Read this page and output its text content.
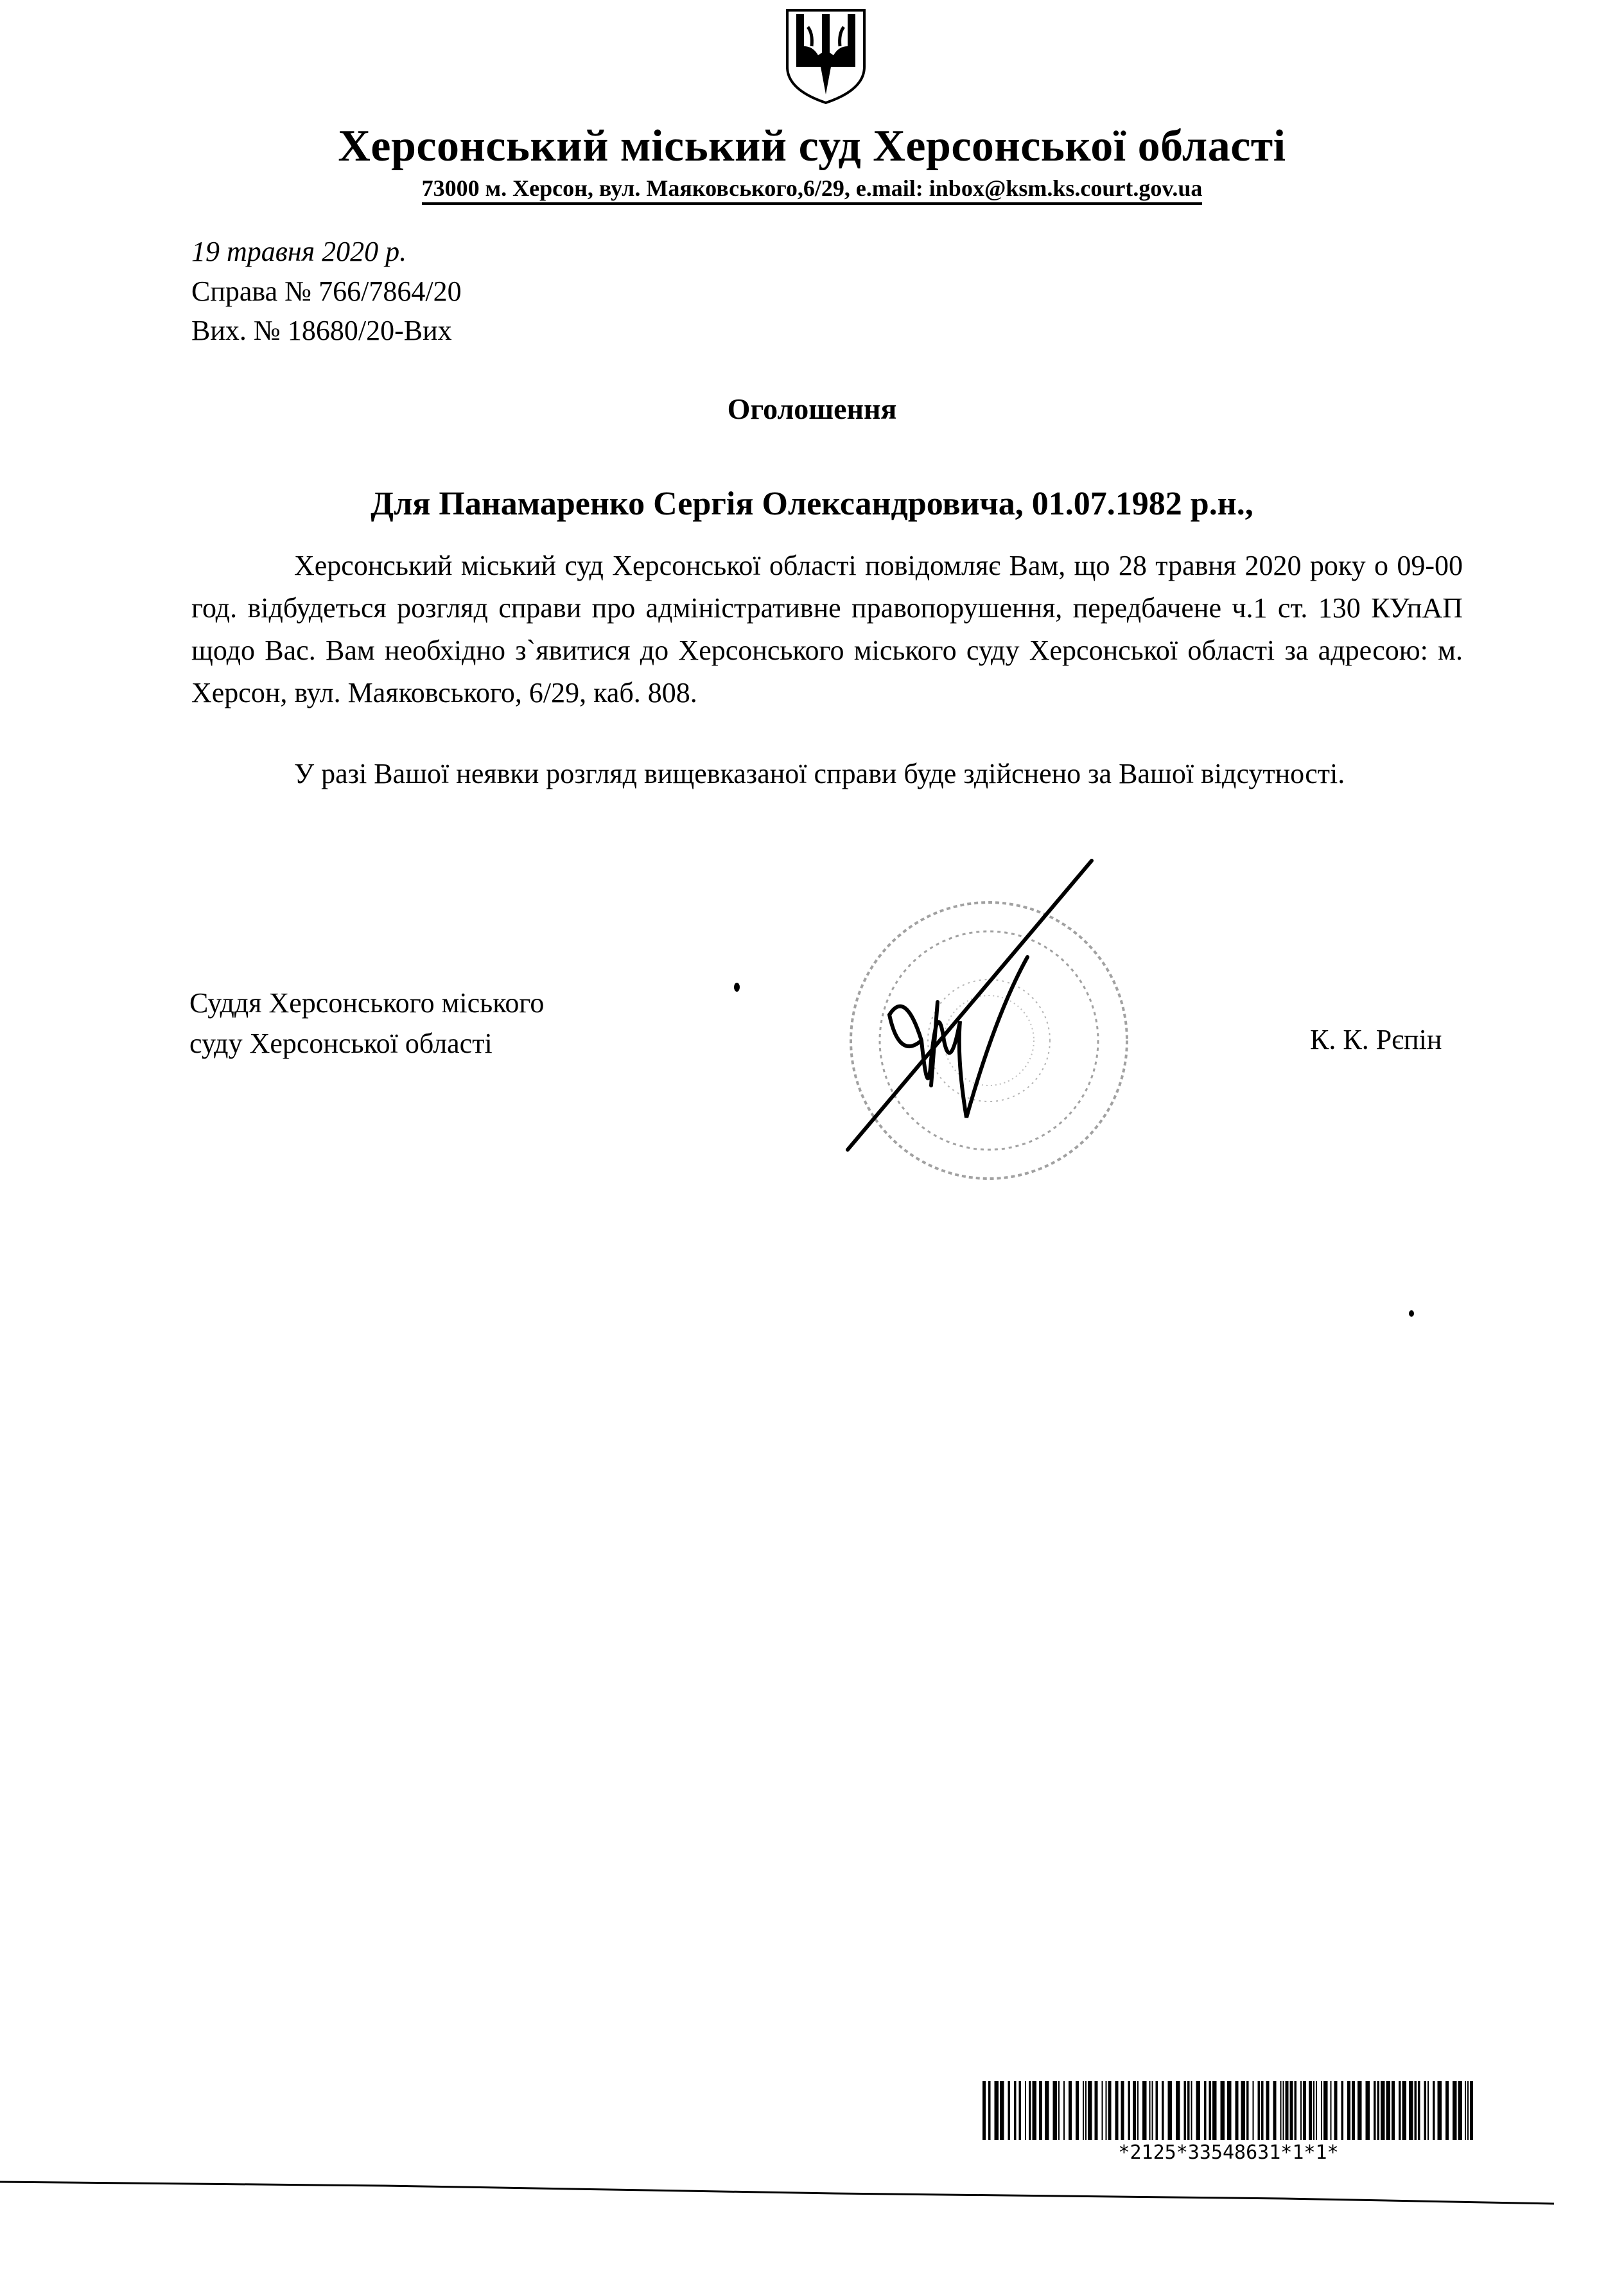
Херсонський міський суд Херсонської області
73000 м. Херсон, вул. Маяковського,6/29, e.mail: inbox@ksm.ks.court.gov.ua
19 травня 2020 р.
Справа № 766/7864/20
Вих. № 18680/20-Вих
Оголошення
Для Панамаренко Сергія Олександровича, 01.07.1982 р.н.,

Херсонський міський суд Херсонської області повідомляє Вам, що 28 травня 2020 року о 09-00 год. відбудеться розгляд справи про адміністративне правопорушення, передбачене ч.1 ст. 130 КУпАП щодо Вас. Вам необхідно з`явитися до Херсонського міського суду Херсонської області за адресою: м. Херсон, вул. Маяковського, 6/29, каб. 808.

У разі Вашої неявки розгляд вищевказаної справи буде здійснено за Вашої відсутності.

Суддя Херсонського міського
суду Херсонської області	К. К. Рєпін
*2125*33548631*1*1*
